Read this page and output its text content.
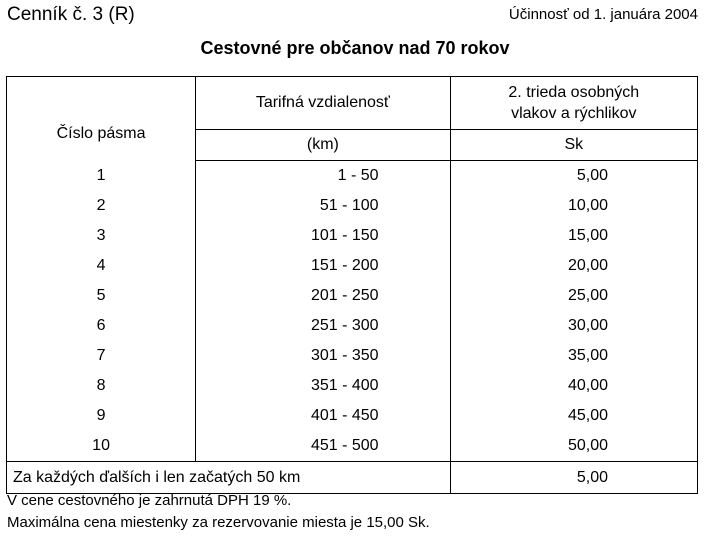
Cenník č. 3 (R)	Účinnosť od 1. januára 2004
Cestovné pre občanov nad 70 rokov
Číslo pásma	Tarifná vzdialenosť	2. trieda osobných
vlakov a rýchlikov
	(km)	Sk
1	1 - 50	5,00
2	51 - 100	10,00
3	101 - 150	15,00
4	151 - 200	20,00
5	201 - 250	25,00
6	251 - 300	30,00
7	301 - 350	35,00
8	351 - 400	40,00
9	401 - 450	45,00
10	451 - 500	50,00
Za každých ďalších i len začatých 50 km		5,00
V cene cestovného je zahrnutá DPH 19 %.
Maximálna cena miestenky za rezervovanie miesta je 15,00 Sk.
